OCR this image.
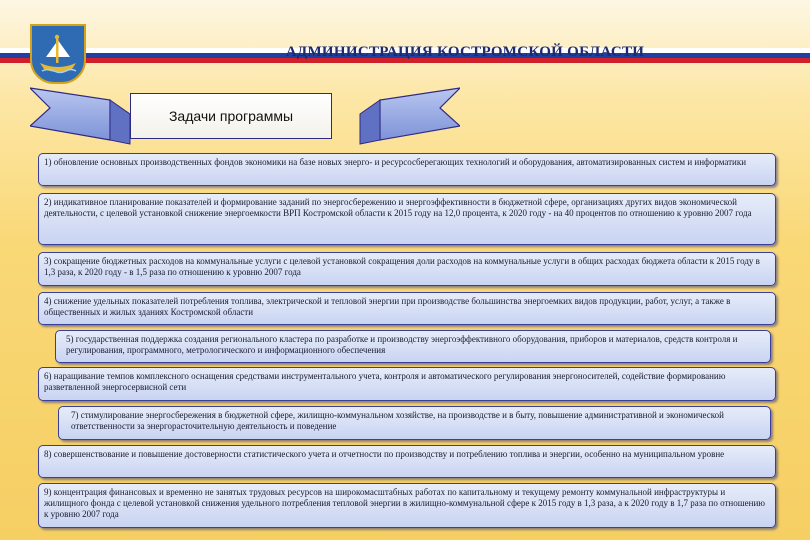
АДМИНИСТРАЦИЯ КОСТРОМСКОЙ ОБЛАСТИ
Задачи программы
1) обновление основных производственных фондов экономики на базе новых энерго- и ресурсосберегающих технологий и оборудования, автоматизированных систем и информатики
2) индикативное планирование показателей и формирование заданий по энергосбережению и энергоэффективности в бюджетной сфере, организациях других видов экономической деятельности, с целевой установкой снижение энергоемкости ВРП Костромской области к 2015 году на 12,0 процента, к 2020 году - на 40 процентов по отношению к уровню 2007 года
3) сокращение бюджетных расходов на коммунальные услуги с целевой установкой сокращения доли расходов на коммунальные услуги в общих расходах бюджета области к 2015 году в 1,3 раза, к 2020 году - в 1,5 раза по отношению к уровню 2007 года
4) снижение удельных показателей потребления топлива, электрической и тепловой энергии при производстве большинства энергоемких видов продукции, работ, услуг, а также в общественных и жилых зданиях Костромской области
5) государственная поддержка создания регионального кластера по разработке и производству энергоэффективного оборудования, приборов и материалов, средств контроля и регулирования, программного, метрологического и информационного обеспечения
6) наращивание темпов комплексного оснащения средствами инструментального учета, контроля и автоматического регулирования энергоносителей, содействие формированию разветвленной энергосервисной сети
7) стимулирование энергосбережения в бюджетной сфере, жилищно-коммунальном хозяйстве, на производстве и в быту, повышение административной и экономической ответственности за энергорасточительную деятельность и поведение
8) совершенствование и повышение достоверности статистического учета и отчетности по производству и потреблению топлива и энергии, особенно на муниципальном уровне
9) концентрация финансовых и временно не занятых трудовых ресурсов на широкомасштабных работах по капитальному и текущему ремонту коммунальной инфраструктуры и жилищного фонда с целевой установкой снижения удельного потребления тепловой энергии в жилищно-коммунальной сфере к 2015 году в 1,3 раза, а к 2020 году в 1,7 раза по отношению к уровню 2007 года
